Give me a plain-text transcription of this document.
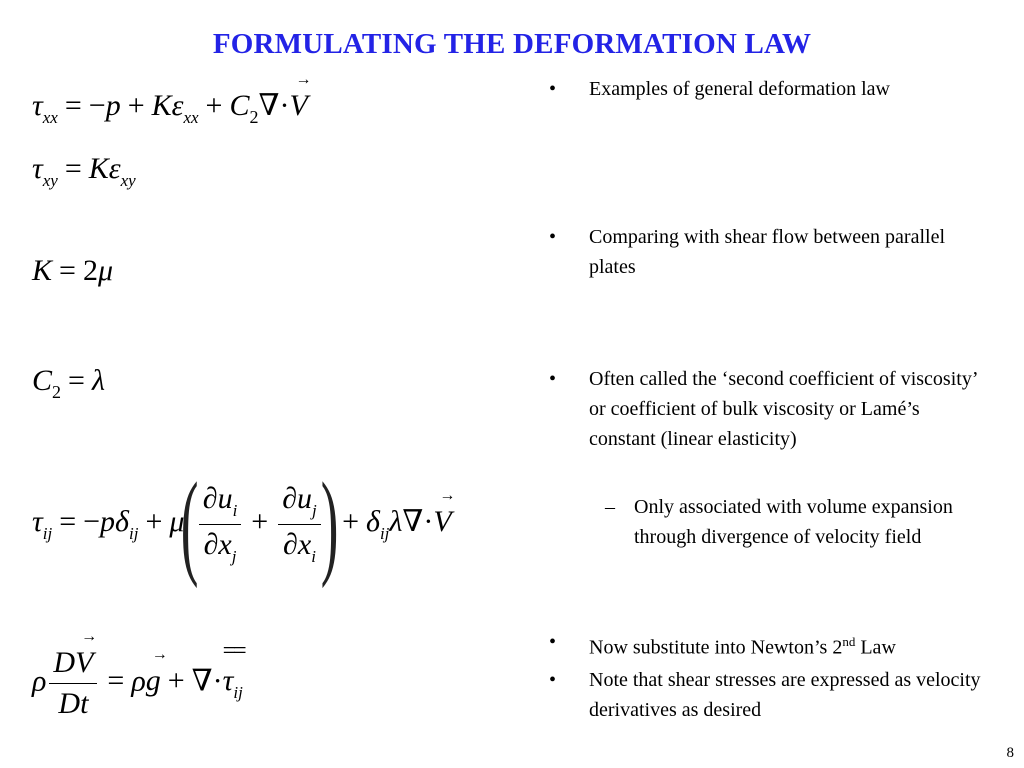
FORMULATING THE DEFORMATION LAW
$\tau_{xx} = -p + K\varepsilon_{xx} + C_2\nabla\cdot\to V$
$\tau_{xy} = K\varepsilon_{xy}$
K = 2μ
$C_2 = \lambda$
$\tau_{ij} = -p\delta_{ij} + \mu( \frac{\partial u_i}{\partial x_j} + \frac{\partial u_j}{\partial x_i}$ ) + $\delta_{ij}\lambda\nabla\cdot\to V$
ρ $\frac{D\to V}{Dt} = \rho\to g$ + ∇·
==
$\tau_{ij}$
•	Examples of general deformation law
•	Comparing with shear flow between parallel plates
•	Often called the ‘second coefficient of viscosity’ or coefficient of bulk viscosity or Lamé’s constant (linear elasticity)
– Only associated with volume expansion through divergence of velocity field
•	Now substitute into Newton’s 2nd Law
•	Note that shear stresses are expressed as velocity derivatives as desired
8
